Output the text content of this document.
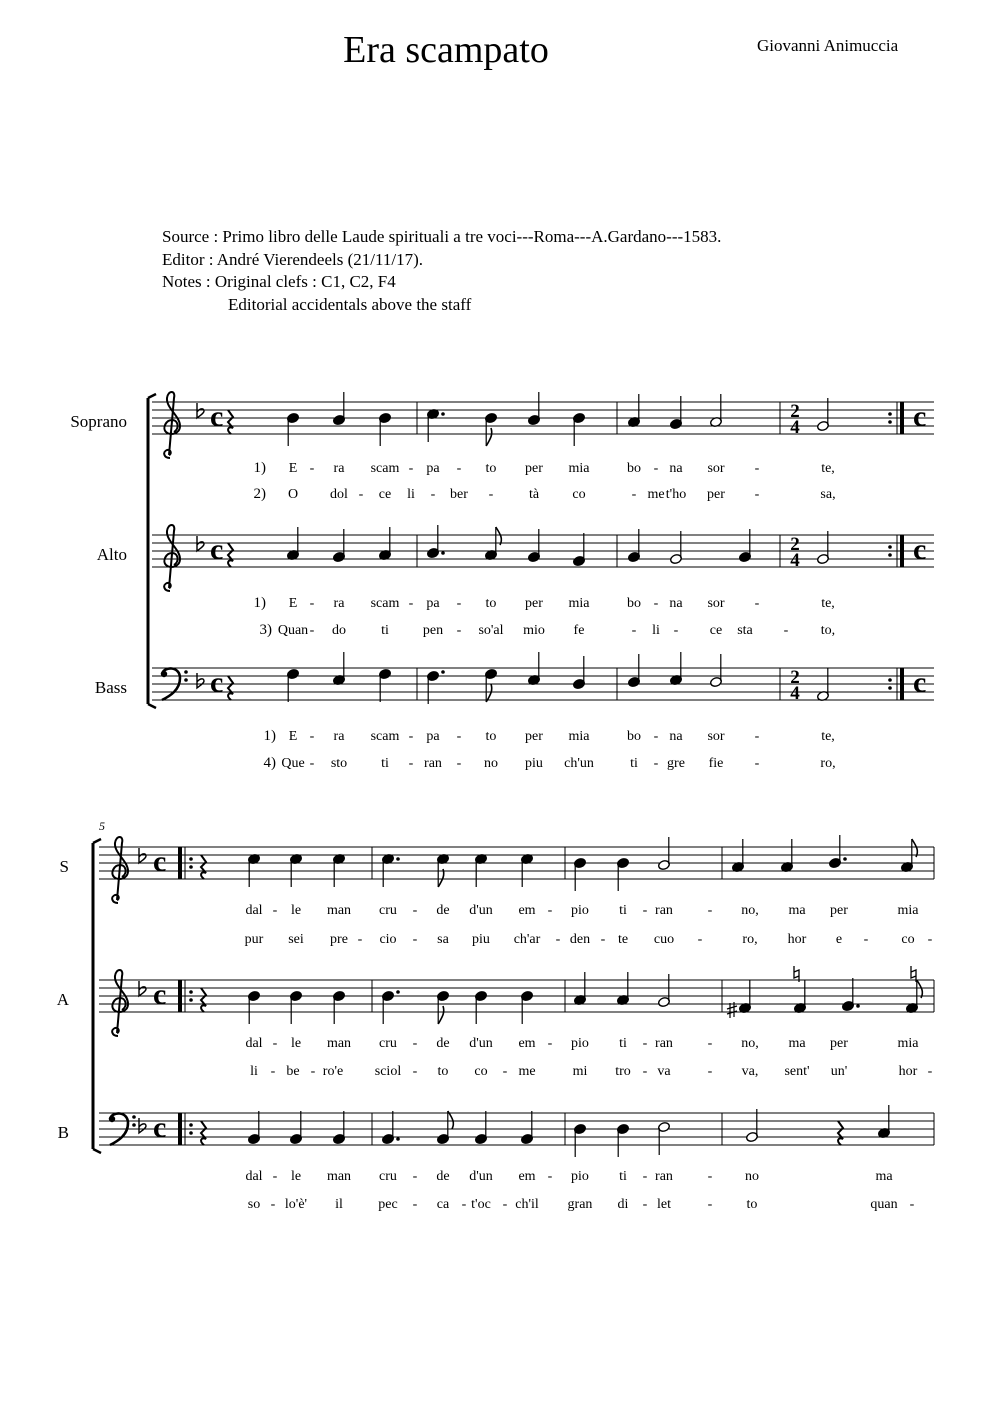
Era scampato	Giovanni Animuccia
Source : Primo libro delle Laude spirituali a tre voci---Roma---A.Gardano---1583.
Editor : André Vierendeels (21/11/17).
Notes : Original clefs : C1, C2, F4
Editorial accidentals above the staff
Soprano	c	2
4	c
Alto	c	2
4	c
Bass	c	2
4	c
1) E - ra scam - pa - to per mia	bo - na sor -	te,
2) O dol - ce li - ber -	tà co	- me t'ho per -	sa,
1) E - ra scam - pa - to per mia	bo - na sor -	te,
3) Quan - do	ti pen - so'al mio fe	- li - ce sta - to,
1) E - ra scam - pa - to per mia	bo - na sor -	te,
4) Que - sto ti - ran - no piu ch'un	ti - gre fie -	ro,
5
S	c
A	c
B	c
dal - le man cru - de d'un em - pio ti - ran - no, ma per	mia
pur sei pre - cio - sa piu ch'ar - den - te cuo -	ro, hor e - co -
dal - le man cru - de d'un em - pio ti - ran - no, ma per	mia
li - be - ro'e sciol - to co - me	mi tro - va	- va, sent' un'	hor -
dal - le man cru - de d'un em - pio ti - ran - no	ma
so - lo'è' il	pec - ca - t'oc - ch'il gran di - let	- to	quan -
